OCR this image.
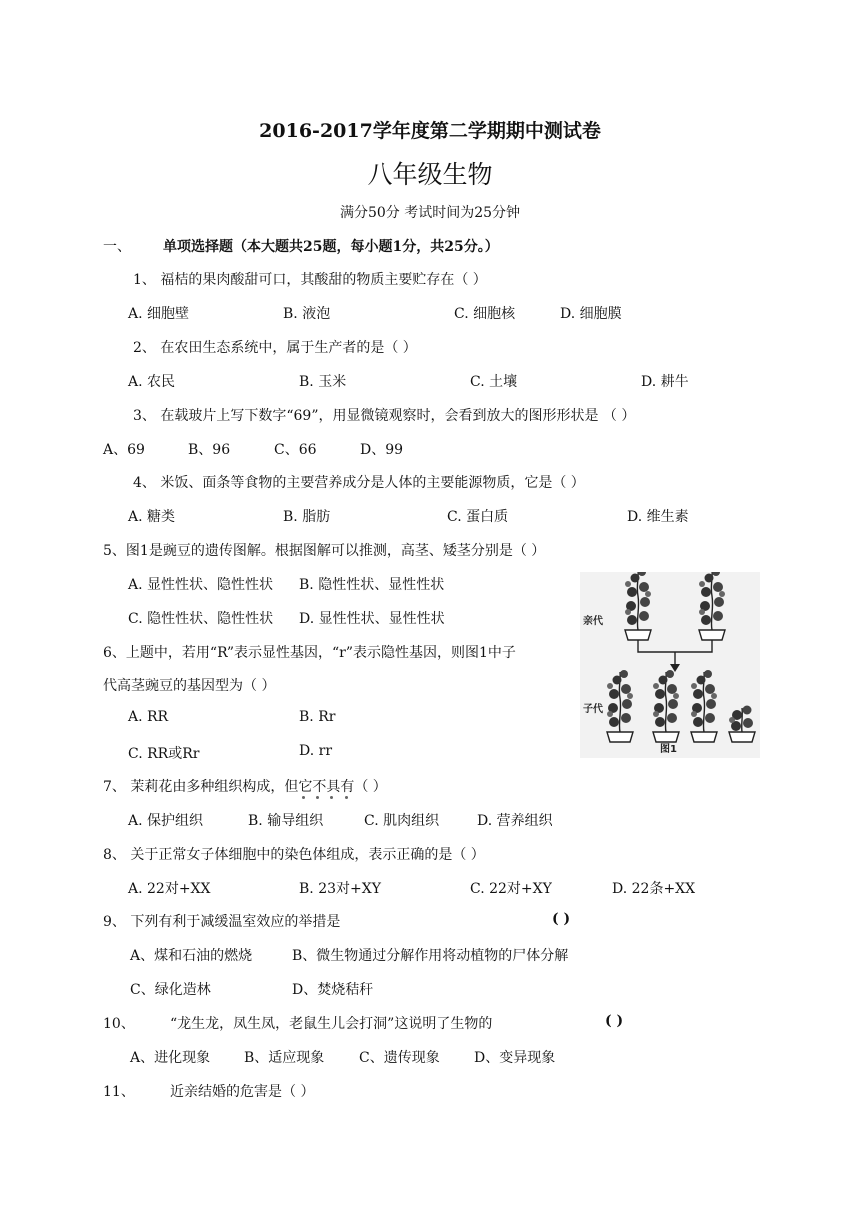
2016-2017学年度第二学期期中测试卷
八年级生物
满分50分 考试时间为25分钟
一、 单项选择题（本大题共25题，每小题1分，共25分。）
1、 福桔的果肉酸甜可口，其酸甜的物质主要贮存在（ ）
A. 细胞壁	B. 液泡	C. 细胞核	D. 细胞膜
2、 在农田生态系统中，属于生产者的是（ ）
A. 农民	B. 玉米	C. 土壤	D. 耕牛
3、 在载玻片上写下数字“69”，用显微镜观察时，会看到放大的图形形状是 （ ）
A、69	B、96	C、66	D、99
4、 米饭、面条等食物的主要营养成分是人体的主要能源物质，它是（ ）
A. 糖类	B. 脂肪	C. 蛋白质	D. 维生素
5、图1是豌豆的遗传图解。根据图解可以推测，高茎、矮茎分别是（ ）
A. 显性性状、隐性性状 B. 隐性性状、显性性状
C. 隐性性状、隐性性状 D. 显性性状、显性性状
6、上题中，若用“R”表示显性基因，“r”表示隐性基因，则图1中子
代高茎豌豆的基因型为（ ）
A. RR	B. Rr
C. RR或Rr	D. rr
7、 茉莉花由多种组织构成，但它不具有（ ）
A. 保护组织	B. 输导组织	C. 肌肉组织	D. 营养组织
8、 关于正常女子体细胞中的染色体组成，表示正确的是（ ）
A. 22对+XX	B. 23对+XY	C. 22对+XY	D. 22条+XX
9、 下列有利于减缓温室效应的举措是	( )
A、煤和石油的燃烧	B、微生物通过分解作用将动植物的尸体分解
C、绿化造林	D、焚烧秸秆
10、	“龙生龙，凤生凤，老鼠生儿会打洞”这说明了生物的	( )
A、进化现象 B、适应现象 C、遗传现象 D、变异现象
11、	近亲结婚的危害是（ ）
亲代
子代
图1
